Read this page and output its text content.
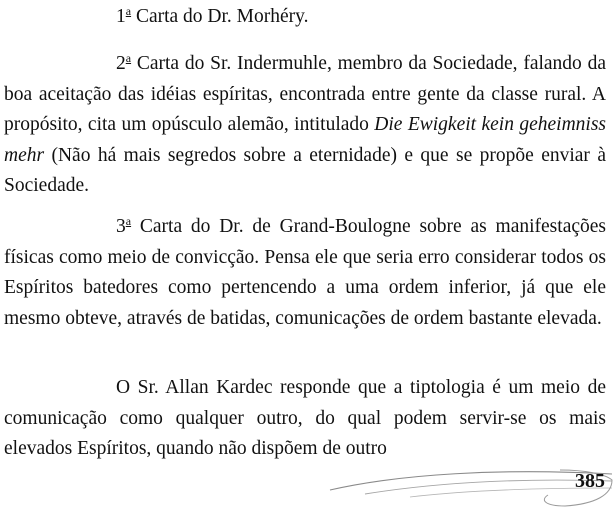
1$^a$ Carta do Dr. Morhéry.

2$^a$ Carta do Sr. Indermuhle, membro da Sociedade, falando da boa aceitação das idéias espíritas, encontrada entre gente da classe rural. A propósito, cita um opúsculo alemão, intitulado Die Ewigkeit kein geheimniss mehr (Não há mais segredos sobre a eternidade) e que se propõe enviar à Sociedade.

3$^a$ Carta do Dr. de Grand-Boulogne sobre as manifestações físicas como meio de convicção. Pensa ele que seria erro considerar todos os Espíritos batedores como pertencendo a uma ordem inferior, já que ele mesmo obteve, através de batidas, comunicações de ordem bastante elevada.

O Sr. Allan Kardec responde que a tiptologia é um meio de comunicação como qualquer outro, do qual podem servir-se os mais elevados Espíritos, quando não dispõem de outro

385
